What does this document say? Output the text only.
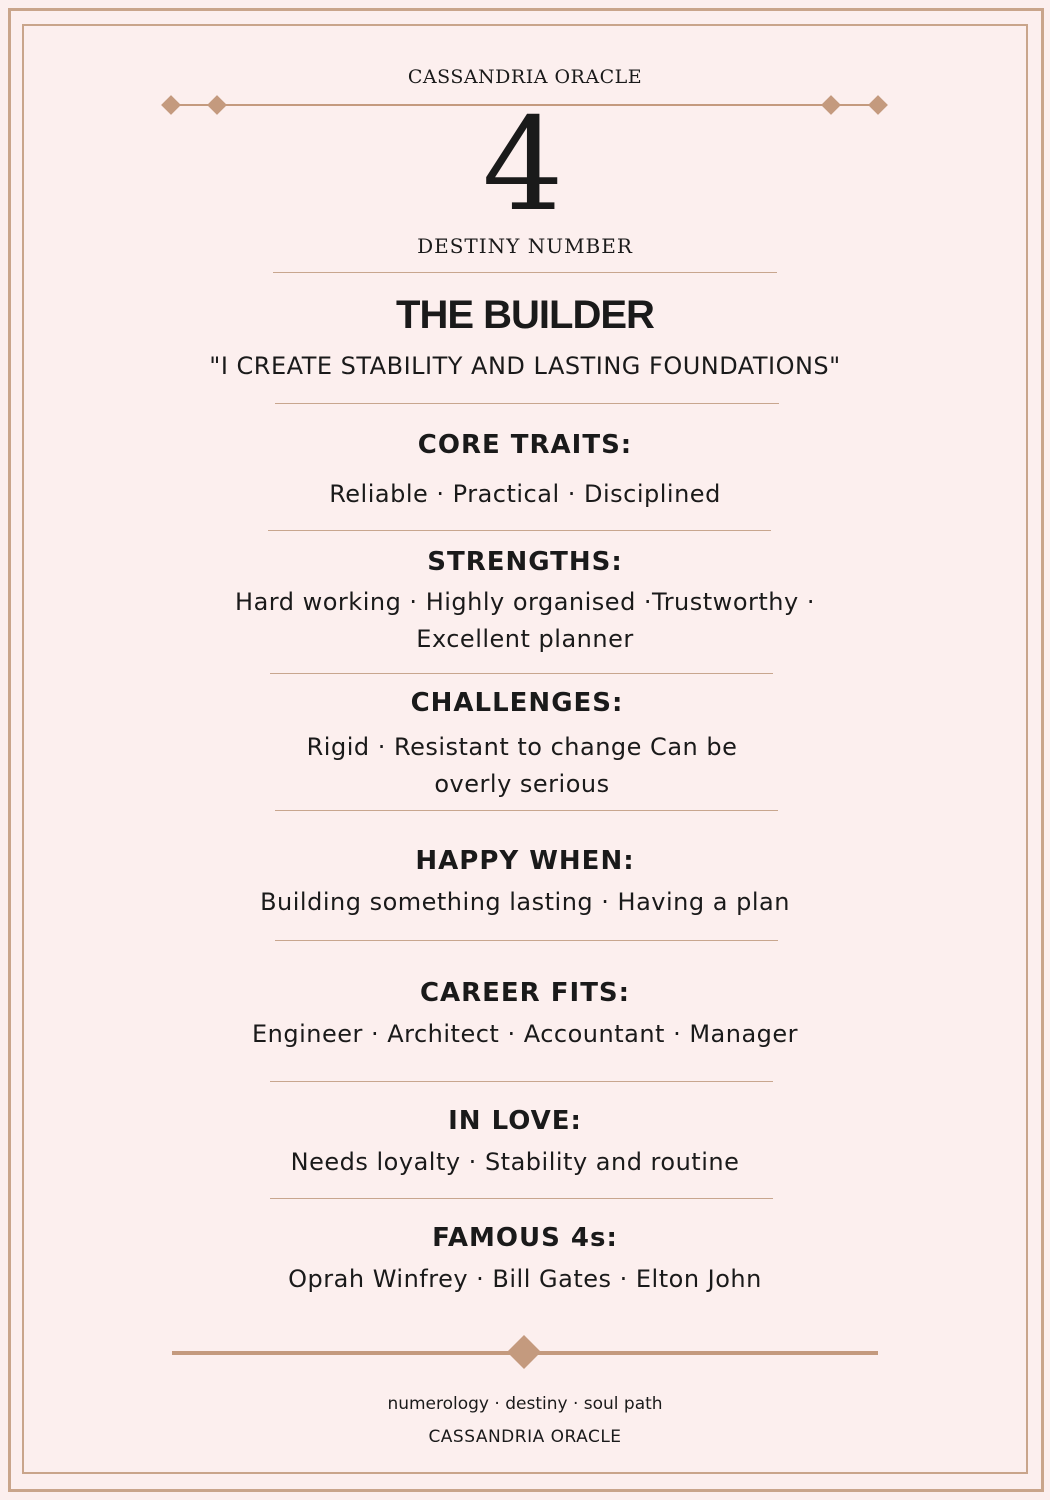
CASSANDRIA ORACLE
4
DESTINY NUMBER
THE BUILDER
"I CREATE STABILITY AND LASTING FOUNDATIONS"
CORE TRAITS:
Reliable · Practical · Disciplined
STRENGTHS:
Hard working · Highly organised ·Trustworthy ·
Excellent planner
CHALLENGES:
Rigid · Resistant to change Can be
overly serious
HAPPY WHEN:
Building something lasting · Having a plan
CAREER FITS:
Engineer · Architect · Accountant · Manager
IN LOVE:
Needs loyalty · Stability and routine
FAMOUS 4s:
Oprah Winfrey · Bill Gates · Elton John
numerology · destiny · soul path
CASSANDRIA ORACLE
